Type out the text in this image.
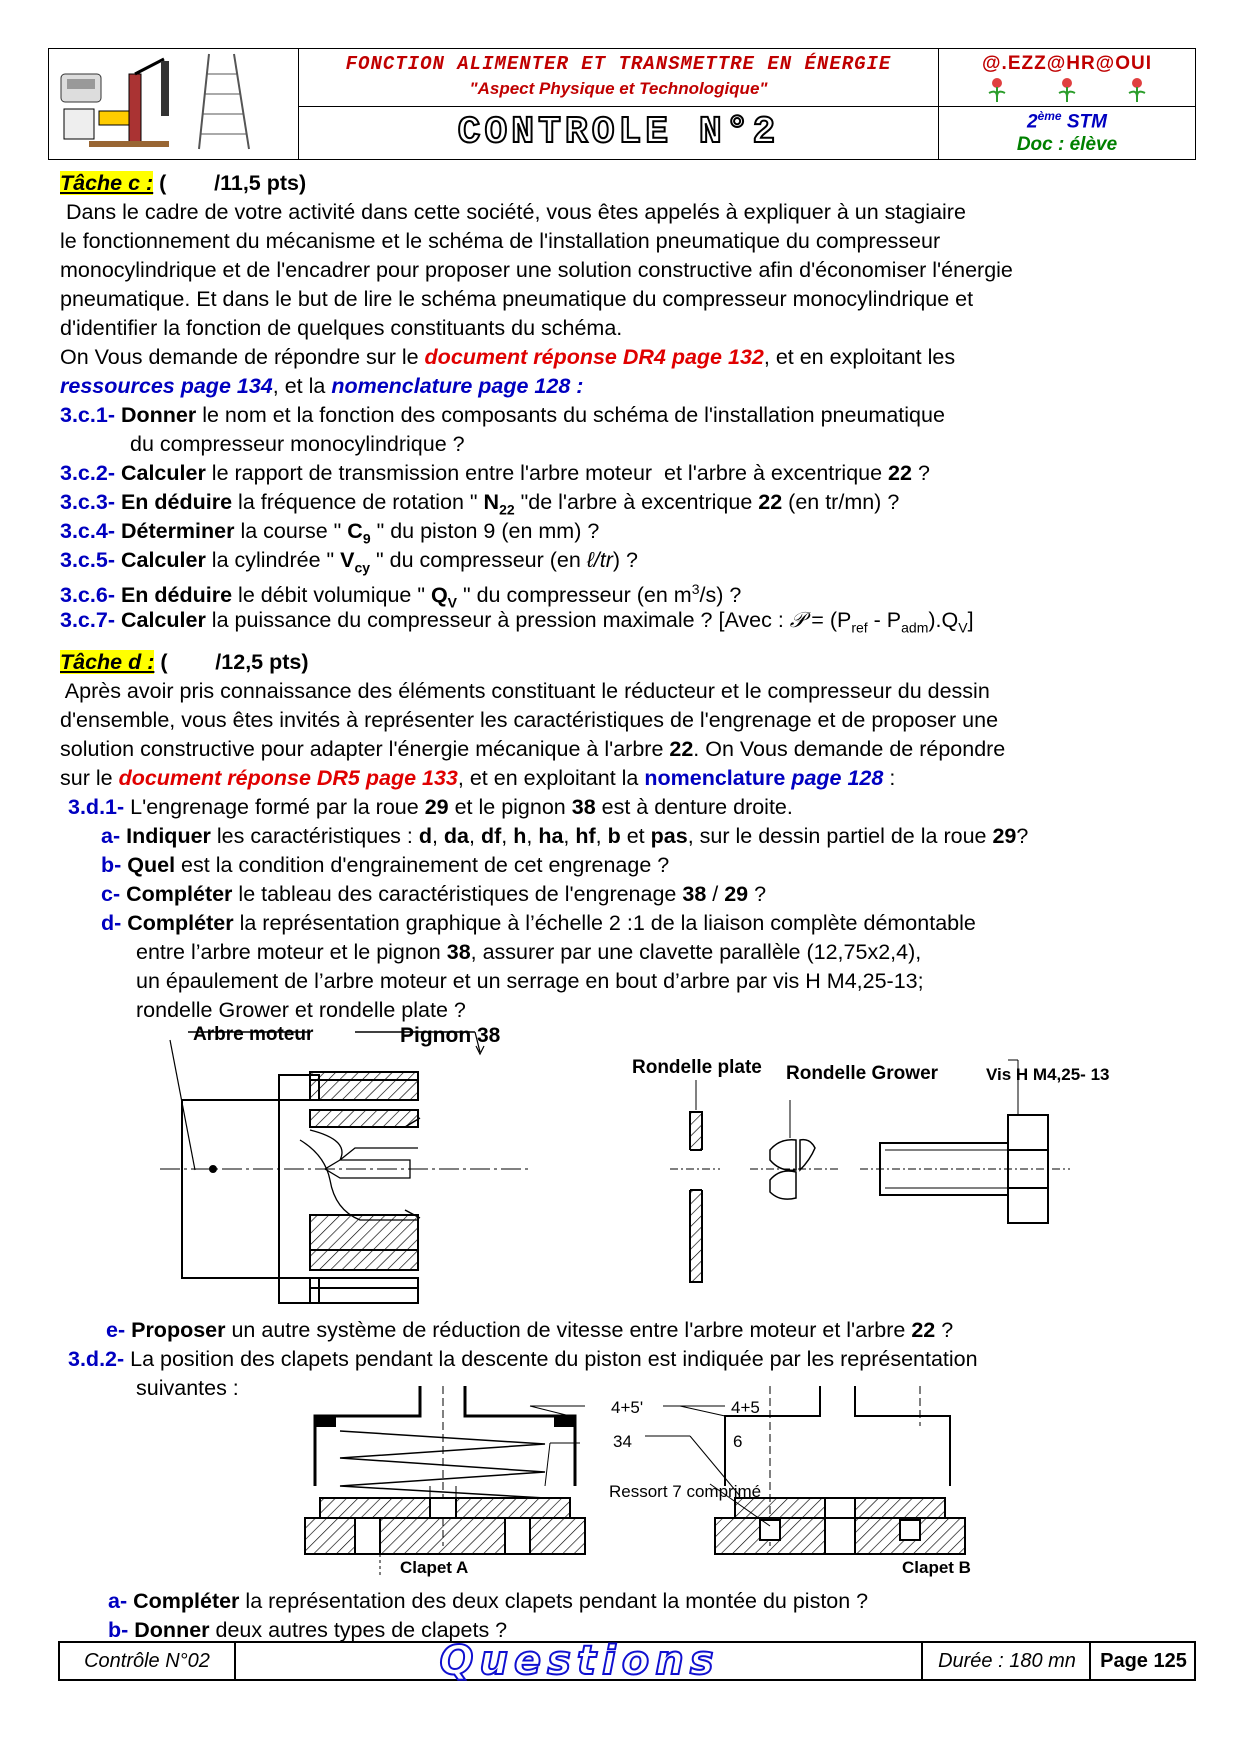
FONCTION ALIMENTER ET TRANSMETTRE EN ÉNERGIE
"Aspect Physique et Technologique"
CONTROLE N°2
@.EZZ@HR@OUI
2ème STM
Doc : élève
Tâche c : (        /11,5 pts)
Dans le cadre de votre activité dans cette société, vous êtes appelés à expliquer à un stagiaire
le fonctionnement du mécanisme et le schéma de l'installation pneumatique du compresseur
monocylindrique et de l'encadrer pour proposer une solution constructive afin d'économiser l'énergie
pneumatique. Et dans le but de lire le schéma pneumatique du compresseur monocylindrique et
d'identifier la fonction de quelques constituants du schéma.
On Vous demande de répondre sur le document réponse DR4 page 132, et en exploitant les
ressources page 134, et la nomenclature page 128 :
3.c.1- Donner le nom et la fonction des composants du schéma de l'installation pneumatique
du compresseur monocylindrique ?
3.c.2- Calculer le rapport de transmission entre l'arbre moteur  et l'arbre à excentrique 22 ?
3.c.3- En déduire la fréquence de rotation " $N_{22}$ "de l'arbre à excentrique 22 (en tr/mn) ?
3.c.4- Déterminer la course " $C_9$ " du piston 9 (en mm) ?
3.c.5- Calculer la cylindrée " $V_{cy}$ " du compresseur (en ℓ/tr) ?
3.c.6- En déduire le débit volumique " $Q_V$ " du compresseur (en $m^3/s$) ?
3.c.7- Calculer la puissance du compresseur à pression maximale ? [Avec : 𝒫 = $(P_{ref} - P_{adm}).Q_V$]
Tâche d : (        /12,5 pts)
Après avoir pris connaissance des éléments constituant le réducteur et le compresseur du dessin
d'ensemble, vous êtes invités à représenter les caractéristiques de l'engrenage et de proposer une
solution constructive pour adapter l'énergie mécanique à l'arbre 22. On Vous demande de répondre
sur le document réponse DR5 page 133, et en exploitant la nomenclature page 128 :
3.d.1- L'engrenage formé par la roue 29 et le pignon 38 est à denture droite.
a- Indiquer les caractéristiques : d, da, df, h, ha, hf, b et pas, sur le dessin partiel de la roue 29?
b- Quel est la condition d'engrainement de cet engrenage ?
c- Compléter le tableau des caractéristiques de l'engrenage 38 / 29 ?
d- Compléter la représentation graphique à l’échelle 2 :1 de la liaison complète démontable
entre l’arbre moteur et le pignon 38, assurer par une clavette parallèle (12,75x2,4),
un épaulement de l’arbre moteur et un serrage en bout d’arbre par vis H M4,25-13;
rondelle Grower et rondelle plate ?
Arbre moteur	Pignon 38
Rondelle plate Rondelle Grower	Vis H M4,25- 13
e- Proposer un autre système de réduction de vitesse entre l'arbre moteur et l'arbre 22 ?
3.d.2- La position des clapets pendant la descente du piston est indiquée par les représentation
suivantes :
4+5'
34
4+5
6
Ressort 7 comprimé
Clapet A	Clapet B
a- Compléter la représentation des deux clapets pendant la montée du piston ?
b- Donner deux autres types de clapets ?
Contrôle N°02	Questions	Durée : 180 mn	Page 125
